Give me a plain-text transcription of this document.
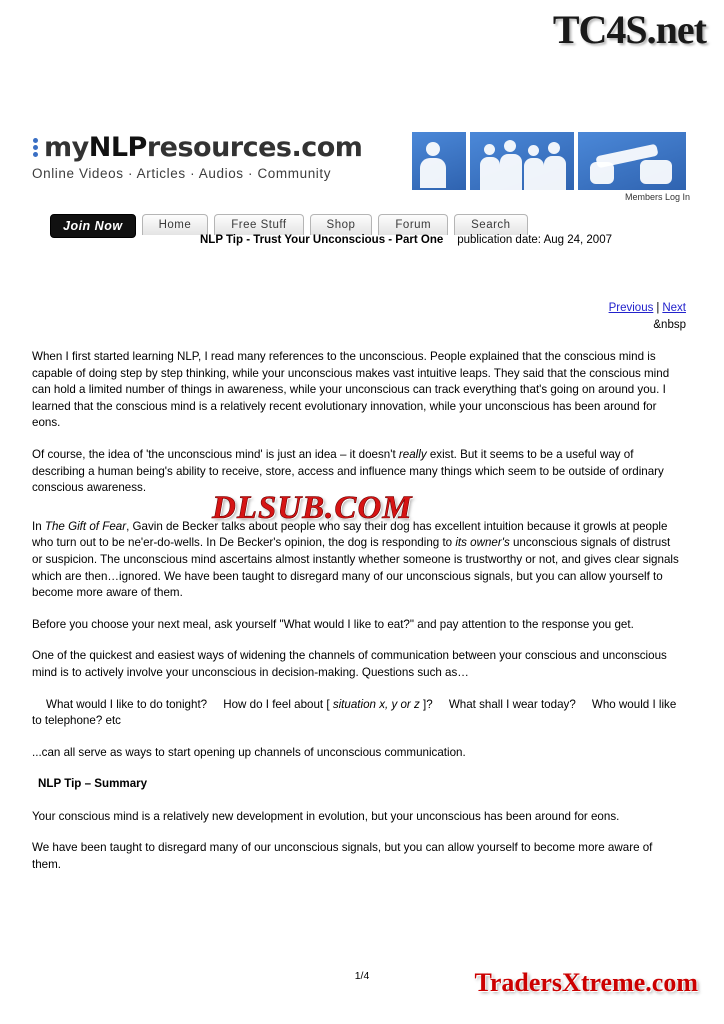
TC4S.net
myNLPresources.com
Online Videos · Articles · Audios · Community
Members Log In
Join Now	Home	Free Stuff	Shop	Forum	Search
NLP Tip - Trust Your Unconscious - Part One publication date: Aug 24, 2007
Previous | Next
&nbsp

When I first started learning NLP, I read many references to the unconscious. People explained that the conscious mind is capable of doing step by step thinking, while your unconscious makes vast intuitive leaps. They said that the conscious mind can hold a limited number of things in awareness, while your unconscious can track everything that's going on around you. I learned that the conscious mind is a relatively recent evolutionary innovation, while your unconscious has been around for eons.

Of course, the idea of 'the unconscious mind' is just an idea – it doesn't really exist. But it seems to be a useful way of describing a human being's ability to receive, store, access and influence many things which seem to be outside of ordinary conscious awareness.

In The Gift of Fear, Gavin de Becker talks about people who say their dog has excellent intuition because it growls at people who turn out to be ne'er-do-wells. In De Becker's opinion, the dog is responding to its owner's unconscious signals of distrust or suspicion. The unconscious mind ascertains almost instantly whether someone is trustworthy or not, and gives clear signals which are then…ignored. We have been taught to disregard many of our unconscious signals, but you can allow yourself to become more aware of them.

Before you choose your next meal, ask yourself "What would I like to eat?" and pay attention to the response you get.

One of the quickest and easiest ways of widening the channels of communication between your conscious and unconscious mind is to actively involve your unconscious in decision-making. Questions such as…

What would I like to do tonight? How do I feel about [ situation x, y or z ]? What shall I wear today? Who would I like to telephone? etc

...can all serve as ways to start opening up channels of unconscious communication.

NLP Tip – Summary

Your conscious mind is a relatively new development in evolution, but your unconscious has been around for eons.

We have been taught to disregard many of our unconscious signals, but you can allow yourself to become more aware of them.

DLSUB.COM
1/4	TradersXtreme.com
